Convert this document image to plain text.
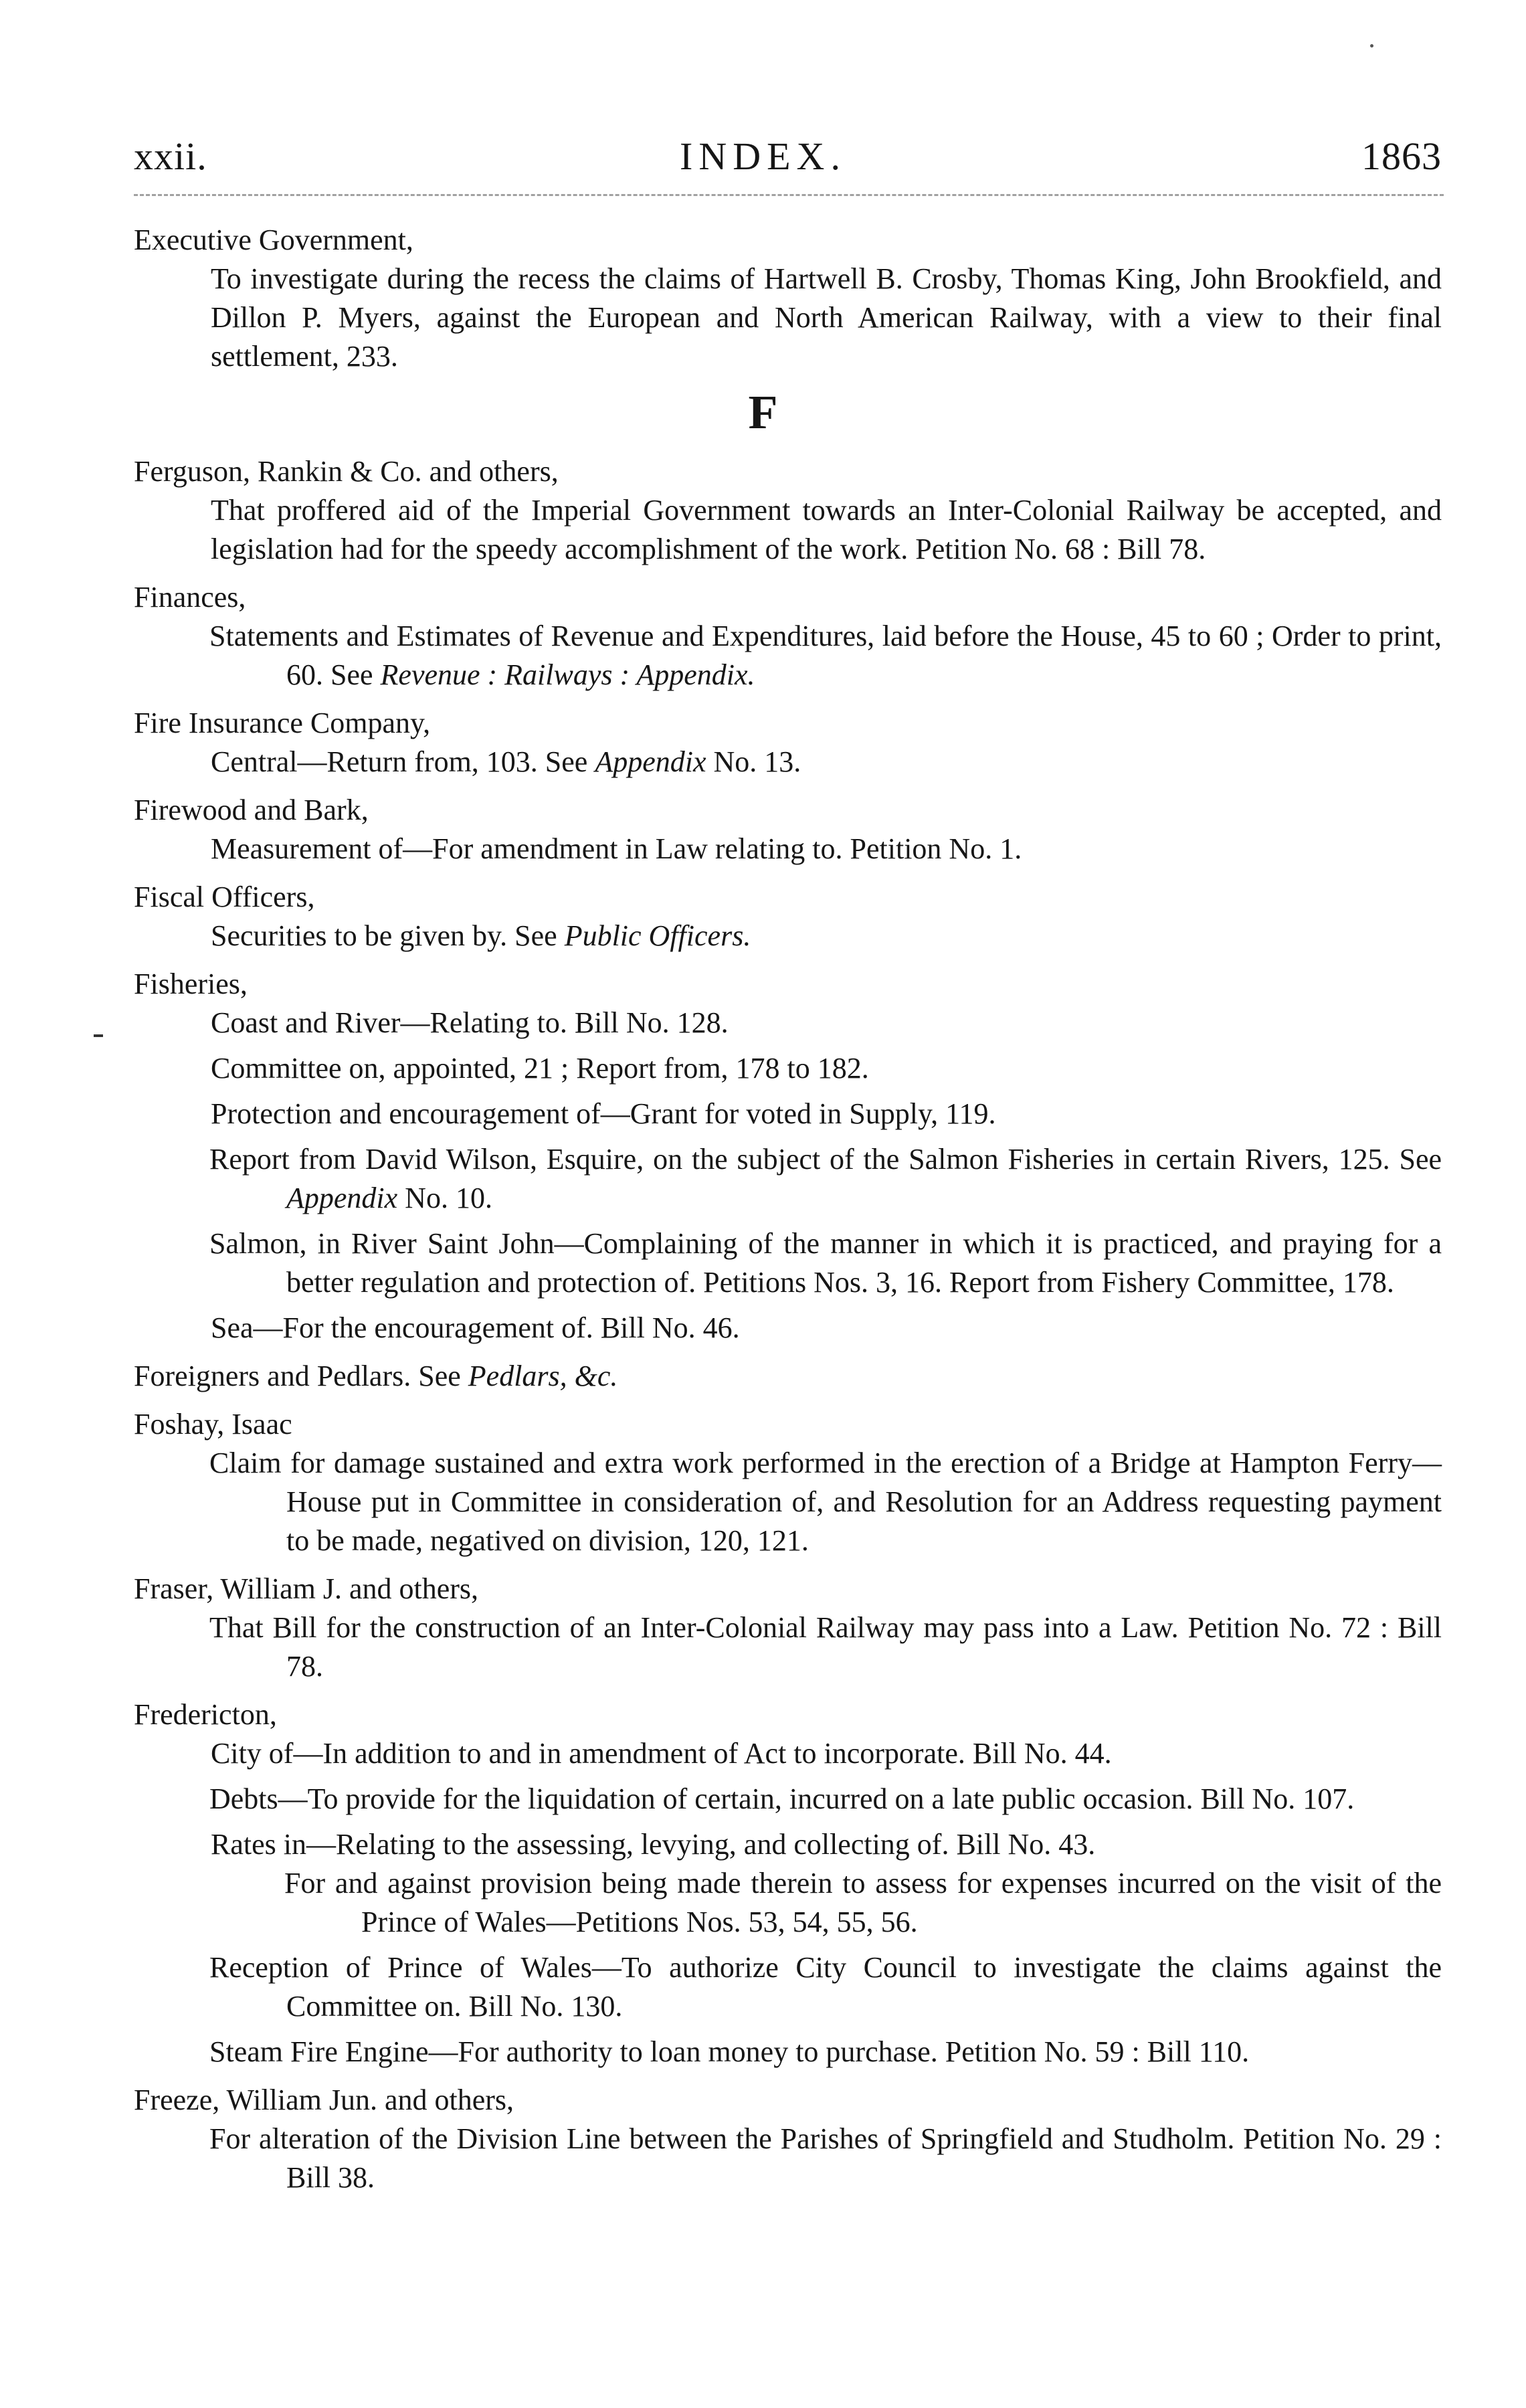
xxii.	INDEX.	1863

Executive Government,

To investigate during the recess the claims of Hartwell B. Crosby, Thomas King, John Brookfield, and Dillon P. Myers, against the European and North American Railway, with a view to their final settlement, 233.

Ferguson, Rankin & Co. and others,

That proffered aid of the Imperial Government towards an Inter-Colonial Railway be accepted, and legislation had for the speedy accomplishment of the work. Petition No. 68 : Bill 78.

Finances,

Statements and Estimates of Revenue and Expenditures, laid before the House, 45 to 60 ; Order to print, 60. See Revenue : Railways : Appendix.

Fire Insurance Company,

Central—Return from, 103. See Appendix No. 13.

Firewood and Bark,

Measurement of—For amendment in Law relating to. Petition No. 1.

Fiscal Officers,

Securities to be given by. See Public Officers.

Fisheries,

Coast and River—Relating to. Bill No. 128.

Committee on, appointed, 21 ; Report from, 178 to 182.

Protection and encouragement of—Grant for voted in Supply, 119.

Report from David Wilson, Esquire, on the subject of the Salmon Fisheries in certain Rivers, 125. See Appendix No. 10.

Salmon, in River Saint John—Complaining of the manner in which it is practiced, and praying for a better regulation and protection of. Petitions Nos. 3, 16. Report from Fishery Committee, 178.

Sea—For the encouragement of. Bill No. 46.

Foreigners and Pedlars. See Pedlars, &c.

Foshay, Isaac

Claim for damage sustained and extra work performed in the erection of a Bridge at Hampton Ferry—House put in Committee in consideration of, and Resolution for an Address requesting payment to be made, negatived on division, 120, 121.

Fraser, William J. and others,

That Bill for the construction of an Inter-Colonial Railway may pass into a Law. Petition No. 72 : Bill 78.

Fredericton,

City of—In addition to and in amendment of Act to incorporate. Bill No. 44.

Debts—To provide for the liquidation of certain, incurred on a late public occasion. Bill No. 107.

Rates in—Relating to the assessing, levying, and collecting of. Bill No. 43.

For and against provision being made therein to assess for expenses incurred on the visit of the Prince of Wales—Petitions Nos. 53, 54, 55, 56.

Reception of Prince of Wales—To authorize City Council to investigate the claims against the Committee on. Bill No. 130.

Steam Fire Engine—For authority to loan money to purchase. Petition No. 59 : Bill 110.

Freeze, William Jun. and others,

For alteration of the Division Line between the Parishes of Springfield and Studholm. Petition No. 29 : Bill 38.

F
